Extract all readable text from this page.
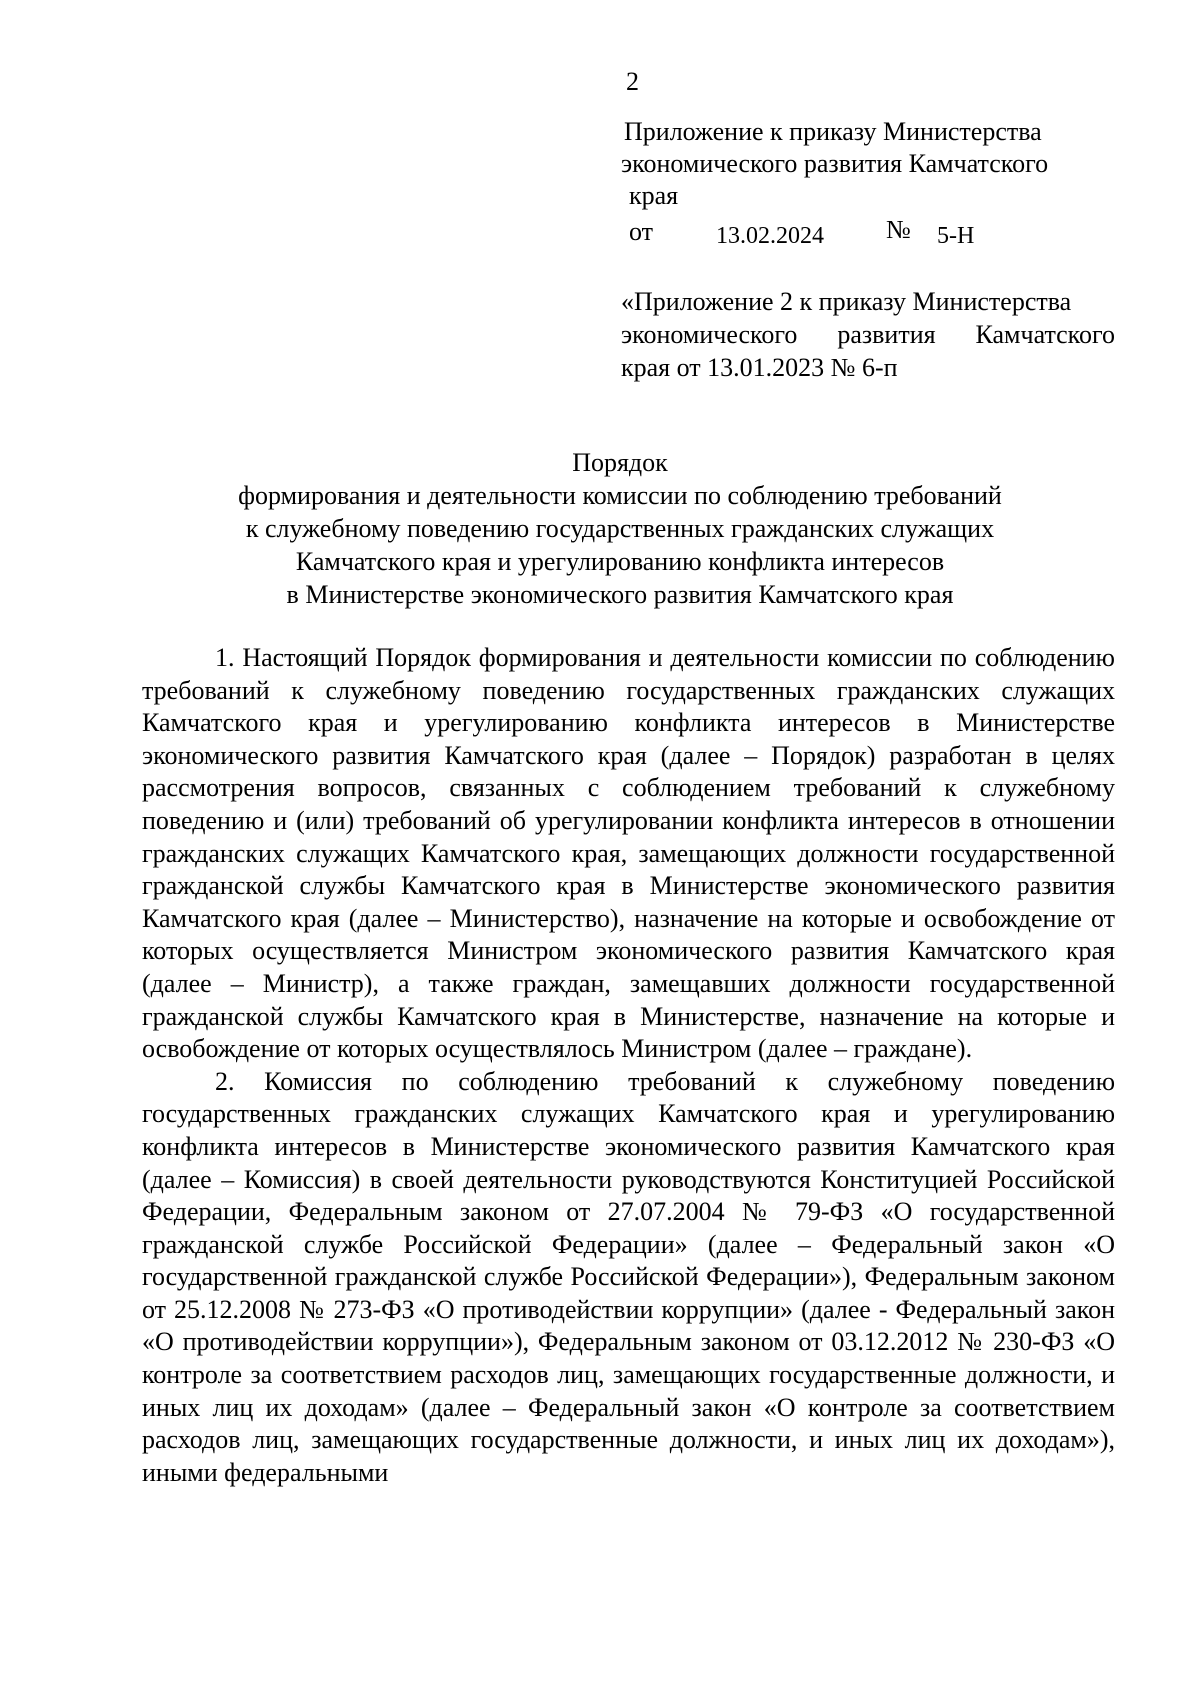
2
Приложение к приказу Министерства
экономического развития Камчатского
края
от	13.02.2024 № 5-Н
«Приложение 2 к приказу Министерства
экономического развития Камчатского
края от 13.01.2023 № 6-п
Порядок
формирования и деятельности комиссии по соблюдению требований
к служебному поведению государственных гражданских служащих
Камчатского края и урегулированию конфликта интересов
в Министерстве экономического развития Камчатского края

1. Настоящий Порядок формирования и деятельности комиссии по соблюдению требований к служебному поведению государственных гражданских служащих Камчатского края и урегулированию конфликта интересов в Министерстве экономического развития Камчатского края (далее – Порядок) разработан в целях рассмотрения вопросов, связанных с соблюдением требований к служебному поведению и (или) требований об урегулировании конфликта интересов в отношении гражданских служащих Камчатского края, замещающих должности государственной гражданской службы Камчатского края в Министерстве экономического развития Камчатского края (далее – Министерство), назначение на которые и освобождение от которых осуществляется Министром экономического развития Камчатского края (далее – Министр), а также граждан, замещавших должности государственной гражданской службы Камчатского края в Министерстве, назначение на которые и освобождение от которых осуществлялось Министром (далее – граждане).

2. Комиссия по соблюдению требований к служебному поведению государственных гражданских служащих Камчатского края и урегулированию конфликта интересов в Министерстве экономического развития Камчатского края (далее – Комиссия) в своей деятельности руководствуются Конституцией Российской Федерации, Федеральным законом от 27.07.2004 № 79-ФЗ «О государственной гражданской службе Российской Федерации» (далее – Федеральный закон «О государственной гражданской службе Российской Федерации»), Федеральным законом от 25.12.2008 № 273-ФЗ «О противодействии коррупции» (далее - Федеральный закон «О противодействии коррупции»), Федеральным законом от 03.12.2012 № 230-ФЗ «О контроле за соответствием расходов лиц, замещающих государственные должности, и иных лиц их доходам» (далее – Федеральный закон «О контроле за соответствием расходов лиц, замещающих государственные должности, и иных лиц их доходам»), иными федеральными
